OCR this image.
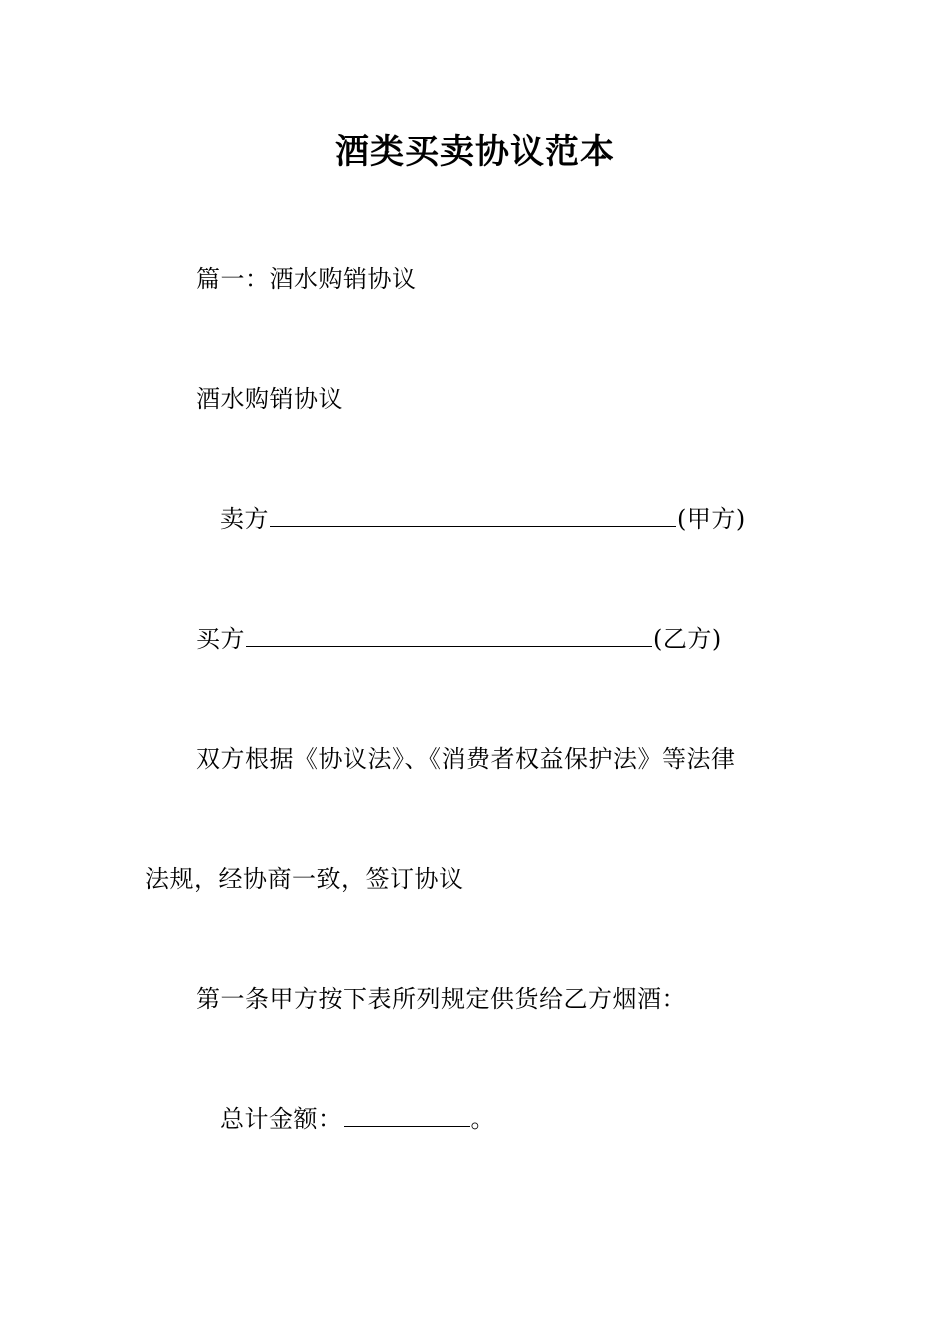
酒类买卖协议范本
篇一：酒水购销协议
酒水购销协议
卖方	(甲方)
买方	(乙方)
双方根据《协议法》、《消费者权益保护法》等法律
法规，经协商一致，签订协议
第一条甲方按下表所列规定供货给乙方烟酒：
总计金额：	。
